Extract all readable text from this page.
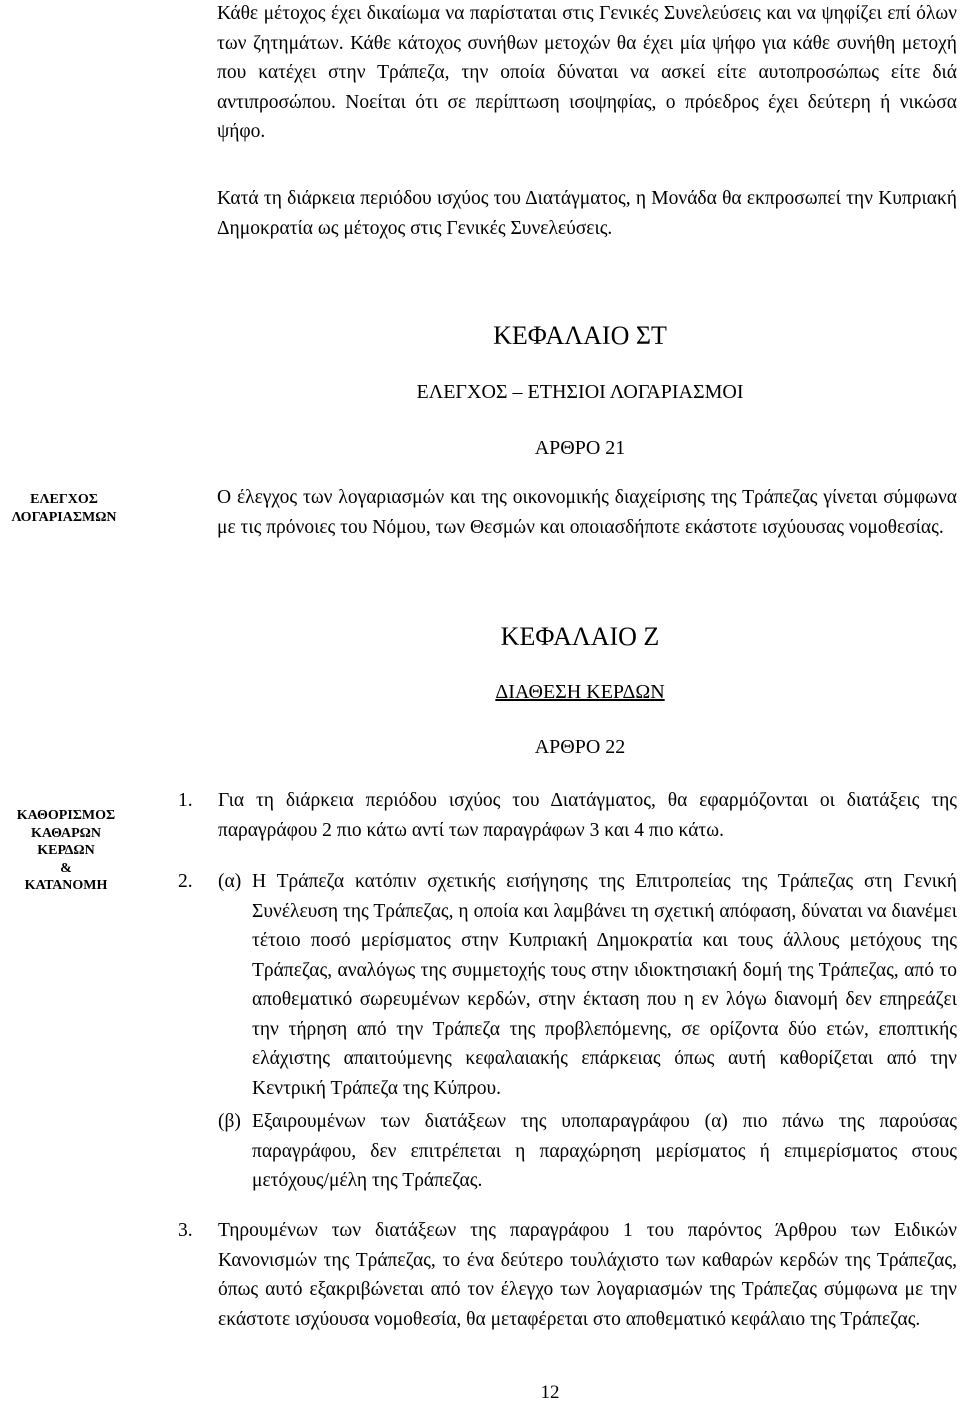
Κάθε μέτοχος έχει δικαίωμα να παρίσταται στις Γενικές Συνελεύσεις και να ψηφίζει επί όλων των ζητημάτων. Κάθε κάτοχος συνήθων μετοχών θα έχει μία ψήφο για κάθε συνήθη μετοχή που κατέχει στην Τράπεζα, την οποία δύναται να ασκεί είτε αυτοπροσώπως είτε διά αντιπροσώπου. Νοείται ότι σε περίπτωση ισοψηφίας, ο πρόεδρος έχει δεύτερη ή νικώσα ψήφο.

Κατά τη διάρκεια περιόδου ισχύος του Διατάγματος, η Μονάδα θα εκπροσωπεί την Κυπριακή Δημοκρατία ως μέτοχος στις Γενικές Συνελεύσεις.

ΚΕΦΑΛΑΙΟ ΣΤ
ΕΛΕΓΧΟΣ – ΕΤΗΣΙΟΙ ΛΟΓΑΡΙΑΣΜΟΙ
ΑΡΘΡΟ 21
ΕΛΕΓΧΟΣ
ΛΟΓΑΡΙΑΣΜΩΝ

Ο έλεγχος των λογαριασμών και της οικονομικής διαχείρισης της Τράπεζας γίνεται σύμφωνα με τις πρόνοιες του Νόμου, των Θεσμών και οποιασδήποτε εκάστοτε ισχύουσας νομοθεσίας.

ΚΕΦΑΛΑΙΟ Ζ
ΔΙΑΘΕΣΗ ΚΕΡΔΩΝ
ΑΡΘΡΟ 22
ΚΑΘΟΡΙΣΜΟΣ
ΚΑΘΑΡΩΝ
ΚΕΡΔΩΝ
&
ΚΑΤΑΝΟΜΗ
1. Για τη διάρκεια περιόδου ισχύος του Διατάγματος, θα εφαρμόζονται οι διατάξεις της παραγράφου 2 πιο κάτω αντί των παραγράφων 3 και 4 πιο κάτω.
2. (α) Η Τράπεζα κατόπιν σχετικής εισήγησης της Επιτροπείας της Τράπεζας στη Γενική Συνέλευση της Τράπεζας, η οποία και λαμβάνει τη σχετική απόφαση, δύναται να διανέμει τέτοιο ποσό μερίσματος στην Κυπριακή Δημοκρατία και τους άλλους μετόχους της Τράπεζας, αναλόγως της συμμετοχής τους στην ιδιοκτησιακή δομή της Τράπεζας, από το αποθεματικό σωρευμένων κερδών, στην έκταση που η εν λόγω διανομή δεν επηρεάζει την τήρηση από την Τράπεζα της προβλεπόμενης, σε ορίζοντα δύο ετών, εποπτικής ελάχιστης απαιτούμενης κεφαλαιακής επάρκειας όπως αυτή καθορίζεται από την Κεντρική Τράπεζα της Κύπρου.
(β) Εξαιρουμένων των διατάξεων της υποπαραγράφου (α) πιο πάνω της παρούσας παραγράφου, δεν επιτρέπεται η παραχώρηση μερίσματος ή επιμερίσματος στους μετόχους/μέλη της Τράπεζας.
3. Τηρουμένων των διατάξεων της παραγράφου 1 του παρόντος Άρθρου των Ειδικών Κανονισμών της Τράπεζας, το ένα δεύτερο τουλάχιστο των καθαρών κερδών της Τράπεζας, όπως αυτό εξακριβώνεται από τον έλεγχο των λογαριασμών της Τράπεζας σύμφωνα με την εκάστοτε ισχύουσα νομοθεσία, θα μεταφέρεται στο αποθεματικό κεφάλαιο της Τράπεζας.

12
